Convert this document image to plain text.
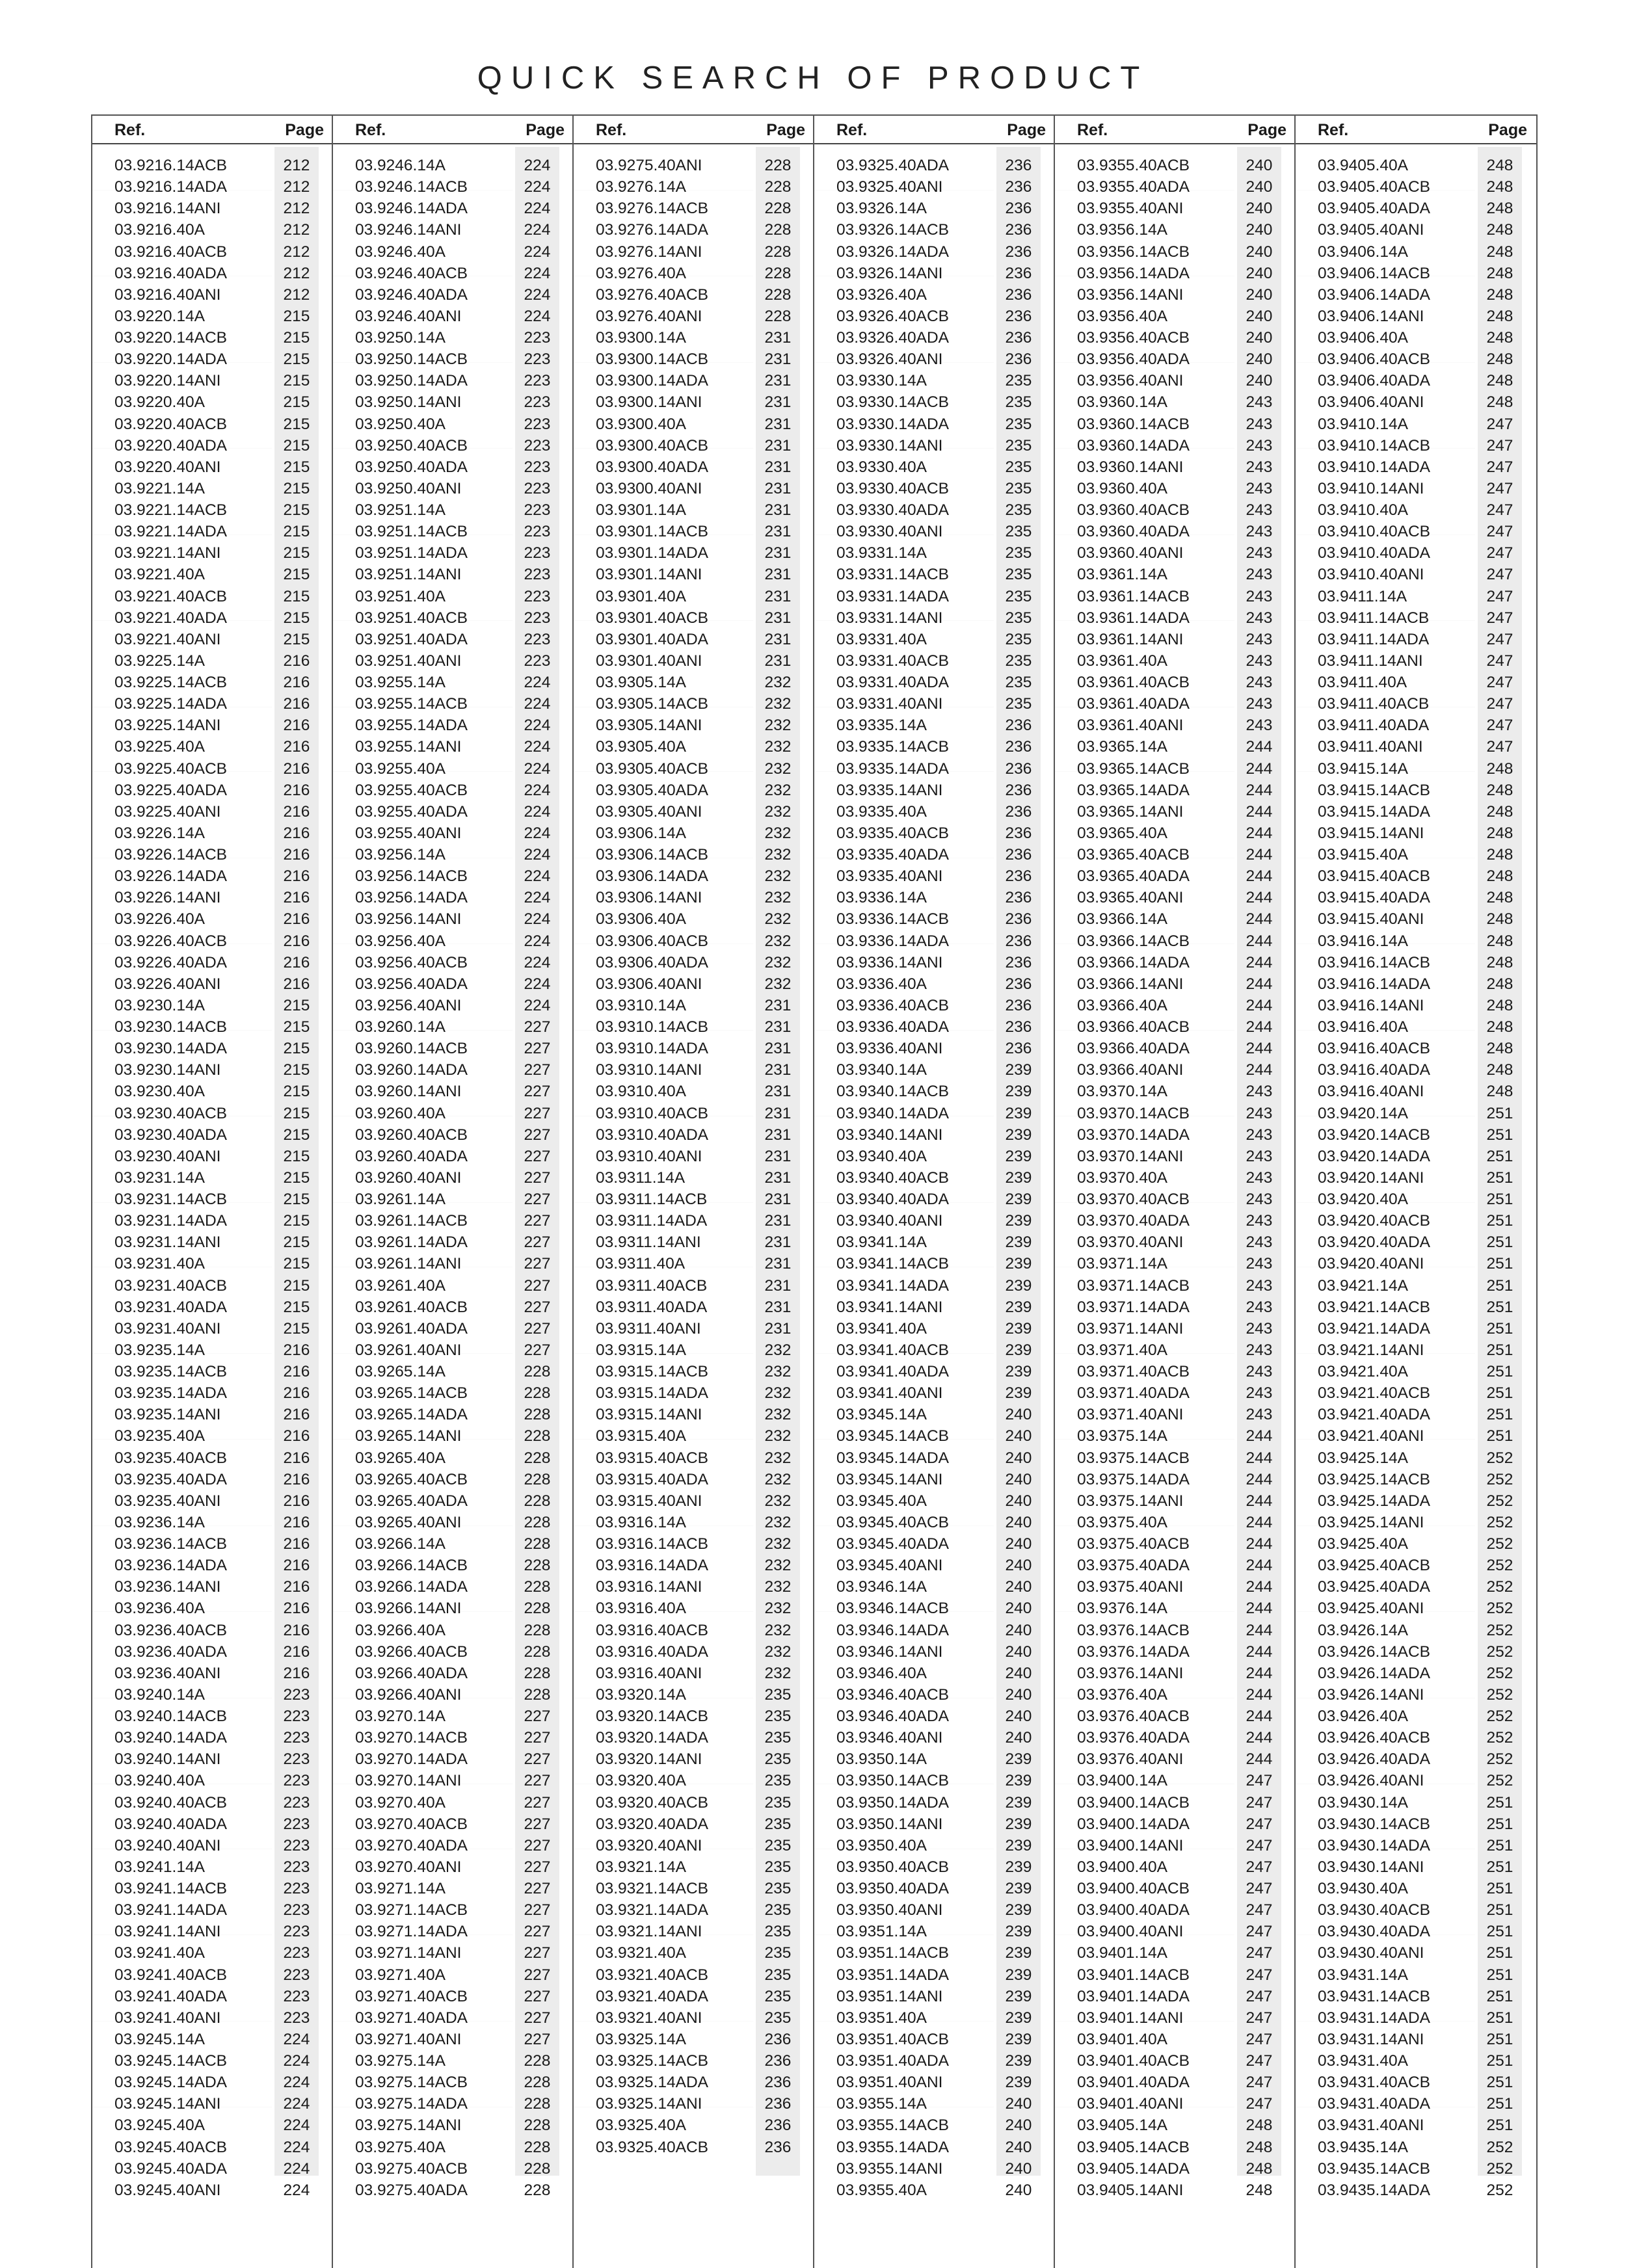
QUICK SEARCH OF PRODUCT
Ref.	Page
03.9216.14ACB	212
03.9216.14ADA	212
03.9216.14ANI	212
03.9216.40A	212
03.9216.40ACB	212
03.9216.40ADA	212
03.9216.40ANI	212
03.9220.14A	215
03.9220.14ACB	215
03.9220.14ADA	215
03.9220.14ANI	215
03.9220.40A	215
03.9220.40ACB	215
03.9220.40ADA	215
03.9220.40ANI	215
03.9221.14A	215
03.9221.14ACB	215
03.9221.14ADA	215
03.9221.14ANI	215
03.9221.40A	215
03.9221.40ACB	215
03.9221.40ADA	215
03.9221.40ANI	215
03.9225.14A	216
03.9225.14ACB	216
03.9225.14ADA	216
03.9225.14ANI	216
03.9225.40A	216
03.9225.40ACB	216
03.9225.40ADA	216
03.9225.40ANI	216
03.9226.14A	216
03.9226.14ACB	216
03.9226.14ADA	216
03.9226.14ANI	216
03.9226.40A	216
03.9226.40ACB	216
03.9226.40ADA	216
03.9226.40ANI	216
03.9230.14A	215
03.9230.14ACB	215
03.9230.14ADA	215
03.9230.14ANI	215
03.9230.40A	215
03.9230.40ACB	215
03.9230.40ADA	215
03.9230.40ANI	215
03.9231.14A	215
03.9231.14ACB	215
03.9231.14ADA	215
03.9231.14ANI	215
03.9231.40A	215
03.9231.40ACB	215
03.9231.40ADA	215
03.9231.40ANI	215
03.9235.14A	216
03.9235.14ACB	216
03.9235.14ADA	216
03.9235.14ANI	216
03.9235.40A	216
03.9235.40ACB	216
03.9235.40ADA	216
03.9235.40ANI	216
03.9236.14A	216
03.9236.14ACB	216
03.9236.14ADA	216
03.9236.14ANI	216
03.9236.40A	216
03.9236.40ACB	216
03.9236.40ADA	216
03.9236.40ANI	216
03.9240.14A	223
03.9240.14ACB	223
03.9240.14ADA	223
03.9240.14ANI	223
03.9240.40A	223
03.9240.40ACB	223
03.9240.40ADA	223
03.9240.40ANI	223
03.9241.14A	223
03.9241.14ACB	223
03.9241.14ADA	223
03.9241.14ANI	223
03.9241.40A	223
03.9241.40ACB	223
03.9241.40ADA	223
03.9241.40ANI	223
03.9245.14A	224
03.9245.14ACB	224
03.9245.14ADA	224
03.9245.14ANI	224
03.9245.40A	224
03.9245.40ACB	224
03.9245.40ADA	224
03.9245.40ANI	224
Ref.	Page
03.9246.14A	224
03.9246.14ACB	224
03.9246.14ADA	224
03.9246.14ANI	224
03.9246.40A	224
03.9246.40ACB	224
03.9246.40ADA	224
03.9246.40ANI	224
03.9250.14A	223
03.9250.14ACB	223
03.9250.14ADA	223
03.9250.14ANI	223
03.9250.40A	223
03.9250.40ACB	223
03.9250.40ADA	223
03.9250.40ANI	223
03.9251.14A	223
03.9251.14ACB	223
03.9251.14ADA	223
03.9251.14ANI	223
03.9251.40A	223
03.9251.40ACB	223
03.9251.40ADA	223
03.9251.40ANI	223
03.9255.14A	224
03.9255.14ACB	224
03.9255.14ADA	224
03.9255.14ANI	224
03.9255.40A	224
03.9255.40ACB	224
03.9255.40ADA	224
03.9255.40ANI	224
03.9256.14A	224
03.9256.14ACB	224
03.9256.14ADA	224
03.9256.14ANI	224
03.9256.40A	224
03.9256.40ACB	224
03.9256.40ADA	224
03.9256.40ANI	224
03.9260.14A	227
03.9260.14ACB	227
03.9260.14ADA	227
03.9260.14ANI	227
03.9260.40A	227
03.9260.40ACB	227
03.9260.40ADA	227
03.9260.40ANI	227
03.9261.14A	227
03.9261.14ACB	227
03.9261.14ADA	227
03.9261.14ANI	227
03.9261.40A	227
03.9261.40ACB	227
03.9261.40ADA	227
03.9261.40ANI	227
03.9265.14A	228
03.9265.14ACB	228
03.9265.14ADA	228
03.9265.14ANI	228
03.9265.40A	228
03.9265.40ACB	228
03.9265.40ADA	228
03.9265.40ANI	228
03.9266.14A	228
03.9266.14ACB	228
03.9266.14ADA	228
03.9266.14ANI	228
03.9266.40A	228
03.9266.40ACB	228
03.9266.40ADA	228
03.9266.40ANI	228
03.9270.14A	227
03.9270.14ACB	227
03.9270.14ADA	227
03.9270.14ANI	227
03.9270.40A	227
03.9270.40ACB	227
03.9270.40ADA	227
03.9270.40ANI	227
03.9271.14A	227
03.9271.14ACB	227
03.9271.14ADA	227
03.9271.14ANI	227
03.9271.40A	227
03.9271.40ACB	227
03.9271.40ADA	227
03.9271.40ANI	227
03.9275.14A	228
03.9275.14ACB	228
03.9275.14ADA	228
03.9275.14ANI	228
03.9275.40A	228
03.9275.40ACB	228
03.9275.40ADA	228
Ref.	Page
03.9275.40ANI	228
03.9276.14A	228
03.9276.14ACB	228
03.9276.14ADA	228
03.9276.14ANI	228
03.9276.40A	228
03.9276.40ACB	228
03.9276.40ANI	228
03.9300.14A	231
03.9300.14ACB	231
03.9300.14ADA	231
03.9300.14ANI	231
03.9300.40A	231
03.9300.40ACB	231
03.9300.40ADA	231
03.9300.40ANI	231
03.9301.14A	231
03.9301.14ACB	231
03.9301.14ADA	231
03.9301.14ANI	231
03.9301.40A	231
03.9301.40ACB	231
03.9301.40ADA	231
03.9301.40ANI	231
03.9305.14A	232
03.9305.14ACB	232
03.9305.14ANI	232
03.9305.40A	232
03.9305.40ACB	232
03.9305.40ADA	232
03.9305.40ANI	232
03.9306.14A	232
03.9306.14ACB	232
03.9306.14ADA	232
03.9306.14ANI	232
03.9306.40A	232
03.9306.40ACB	232
03.9306.40ADA	232
03.9306.40ANI	232
03.9310.14A	231
03.9310.14ACB	231
03.9310.14ADA	231
03.9310.14ANI	231
03.9310.40A	231
03.9310.40ACB	231
03.9310.40ADA	231
03.9310.40ANI	231
03.9311.14A	231
03.9311.14ACB	231
03.9311.14ADA	231
03.9311.14ANI	231
03.9311.40A	231
03.9311.40ACB	231
03.9311.40ADA	231
03.9311.40ANI	231
03.9315.14A	232
03.9315.14ACB	232
03.9315.14ADA	232
03.9315.14ANI	232
03.9315.40A	232
03.9315.40ACB	232
03.9315.40ADA	232
03.9315.40ANI	232
03.9316.14A	232
03.9316.14ACB	232
03.9316.14ADA	232
03.9316.14ANI	232
03.9316.40A	232
03.9316.40ACB	232
03.9316.40ADA	232
03.9316.40ANI	232
03.9320.14A	235
03.9320.14ACB	235
03.9320.14ADA	235
03.9320.14ANI	235
03.9320.40A	235
03.9320.40ACB	235
03.9320.40ADA	235
03.9320.40ANI	235
03.9321.14A	235
03.9321.14ACB	235
03.9321.14ADA	235
03.9321.14ANI	235
03.9321.40A	235
03.9321.40ACB	235
03.9321.40ADA	235
03.9321.40ANI	235
03.9325.14A	236
03.9325.14ACB	236
03.9325.14ADA	236
03.9325.14ANI	236
03.9325.40A	236
03.9325.40ACB	236
Ref.	Page
03.9325.40ADA	236
03.9325.40ANI	236
03.9326.14A	236
03.9326.14ACB	236
03.9326.14ADA	236
03.9326.14ANI	236
03.9326.40A	236
03.9326.40ACB	236
03.9326.40ADA	236
03.9326.40ANI	236
03.9330.14A	235
03.9330.14ACB	235
03.9330.14ADA	235
03.9330.14ANI	235
03.9330.40A	235
03.9330.40ACB	235
03.9330.40ADA	235
03.9330.40ANI	235
03.9331.14A	235
03.9331.14ACB	235
03.9331.14ADA	235
03.9331.14ANI	235
03.9331.40A	235
03.9331.40ACB	235
03.9331.40ADA	235
03.9331.40ANI	235
03.9335.14A	236
03.9335.14ACB	236
03.9335.14ADA	236
03.9335.14ANI	236
03.9335.40A	236
03.9335.40ACB	236
03.9335.40ADA	236
03.9335.40ANI	236
03.9336.14A	236
03.9336.14ACB	236
03.9336.14ADA	236
03.9336.14ANI	236
03.9336.40A	236
03.9336.40ACB	236
03.9336.40ADA	236
03.9336.40ANI	236
03.9340.14A	239
03.9340.14ACB	239
03.9340.14ADA	239
03.9340.14ANI	239
03.9340.40A	239
03.9340.40ACB	239
03.9340.40ADA	239
03.9340.40ANI	239
03.9341.14A	239
03.9341.14ACB	239
03.9341.14ADA	239
03.9341.14ANI	239
03.9341.40A	239
03.9341.40ACB	239
03.9341.40ADA	239
03.9341.40ANI	239
03.9345.14A	240
03.9345.14ACB	240
03.9345.14ADA	240
03.9345.14ANI	240
03.9345.40A	240
03.9345.40ACB	240
03.9345.40ADA	240
03.9345.40ANI	240
03.9346.14A	240
03.9346.14ACB	240
03.9346.14ADA	240
03.9346.14ANI	240
03.9346.40A	240
03.9346.40ACB	240
03.9346.40ADA	240
03.9346.40ANI	240
03.9350.14A	239
03.9350.14ACB	239
03.9350.14ADA	239
03.9350.14ANI	239
03.9350.40A	239
03.9350.40ACB	239
03.9350.40ADA	239
03.9350.40ANI	239
03.9351.14A	239
03.9351.14ACB	239
03.9351.14ADA	239
03.9351.14ANI	239
03.9351.40A	239
03.9351.40ACB	239
03.9351.40ADA	239
03.9351.40ANI	239
03.9355.14A	240
03.9355.14ACB	240
03.9355.14ADA	240
03.9355.14ANI	240
03.9355.40A	240
Ref.	Page
03.9355.40ACB	240
03.9355.40ADA	240
03.9355.40ANI	240
03.9356.14A	240
03.9356.14ACB	240
03.9356.14ADA	240
03.9356.14ANI	240
03.9356.40A	240
03.9356.40ACB	240
03.9356.40ADA	240
03.9356.40ANI	240
03.9360.14A	243
03.9360.14ACB	243
03.9360.14ADA	243
03.9360.14ANI	243
03.9360.40A	243
03.9360.40ACB	243
03.9360.40ADA	243
03.9360.40ANI	243
03.9361.14A	243
03.9361.14ACB	243
03.9361.14ADA	243
03.9361.14ANI	243
03.9361.40A	243
03.9361.40ACB	243
03.9361.40ADA	243
03.9361.40ANI	243
03.9365.14A	244
03.9365.14ACB	244
03.9365.14ADA	244
03.9365.14ANI	244
03.9365.40A	244
03.9365.40ACB	244
03.9365.40ADA	244
03.9365.40ANI	244
03.9366.14A	244
03.9366.14ACB	244
03.9366.14ADA	244
03.9366.14ANI	244
03.9366.40A	244
03.9366.40ACB	244
03.9366.40ADA	244
03.9366.40ANI	244
03.9370.14A	243
03.9370.14ACB	243
03.9370.14ADA	243
03.9370.14ANI	243
03.9370.40A	243
03.9370.40ACB	243
03.9370.40ADA	243
03.9370.40ANI	243
03.9371.14A	243
03.9371.14ACB	243
03.9371.14ADA	243
03.9371.14ANI	243
03.9371.40A	243
03.9371.40ACB	243
03.9371.40ADA	243
03.9371.40ANI	243
03.9375.14A	244
03.9375.14ACB	244
03.9375.14ADA	244
03.9375.14ANI	244
03.9375.40A	244
03.9375.40ACB	244
03.9375.40ADA	244
03.9375.40ANI	244
03.9376.14A	244
03.9376.14ACB	244
03.9376.14ADA	244
03.9376.14ANI	244
03.9376.40A	244
03.9376.40ACB	244
03.9376.40ADA	244
03.9376.40ANI	244
03.9400.14A	247
03.9400.14ACB	247
03.9400.14ADA	247
03.9400.14ANI	247
03.9400.40A	247
03.9400.40ACB	247
03.9400.40ADA	247
03.9400.40ANI	247
03.9401.14A	247
03.9401.14ACB	247
03.9401.14ADA	247
03.9401.14ANI	247
03.9401.40A	247
03.9401.40ACB	247
03.9401.40ADA	247
03.9401.40ANI	247
03.9405.14A	248
03.9405.14ACB	248
03.9405.14ADA	248
03.9405.14ANI	248
Ref.	Page
03.9405.40A	248
03.9405.40ACB	248
03.9405.40ADA	248
03.9405.40ANI	248
03.9406.14A	248
03.9406.14ACB	248
03.9406.14ADA	248
03.9406.14ANI	248
03.9406.40A	248
03.9406.40ACB	248
03.9406.40ADA	248
03.9406.40ANI	248
03.9410.14A	247
03.9410.14ACB	247
03.9410.14ADA	247
03.9410.14ANI	247
03.9410.40A	247
03.9410.40ACB	247
03.9410.40ADA	247
03.9410.40ANI	247
03.9411.14A	247
03.9411.14ACB	247
03.9411.14ADA	247
03.9411.14ANI	247
03.9411.40A	247
03.9411.40ACB	247
03.9411.40ADA	247
03.9411.40ANI	247
03.9415.14A	248
03.9415.14ACB	248
03.9415.14ADA	248
03.9415.14ANI	248
03.9415.40A	248
03.9415.40ACB	248
03.9415.40ADA	248
03.9415.40ANI	248
03.9416.14A	248
03.9416.14ACB	248
03.9416.14ADA	248
03.9416.14ANI	248
03.9416.40A	248
03.9416.40ACB	248
03.9416.40ADA	248
03.9416.40ANI	248
03.9420.14A	251
03.9420.14ACB	251
03.9420.14ADA	251
03.9420.14ANI	251
03.9420.40A	251
03.9420.40ACB	251
03.9420.40ADA	251
03.9420.40ANI	251
03.9421.14A	251
03.9421.14ACB	251
03.9421.14ADA	251
03.9421.14ANI	251
03.9421.40A	251
03.9421.40ACB	251
03.9421.40ADA	251
03.9421.40ANI	251
03.9425.14A	252
03.9425.14ACB	252
03.9425.14ADA	252
03.9425.14ANI	252
03.9425.40A	252
03.9425.40ACB	252
03.9425.40ADA	252
03.9425.40ANI	252
03.9426.14A	252
03.9426.14ACB	252
03.9426.14ADA	252
03.9426.14ANI	252
03.9426.40A	252
03.9426.40ACB	252
03.9426.40ADA	252
03.9426.40ANI	252
03.9430.14A	251
03.9430.14ACB	251
03.9430.14ADA	251
03.9430.14ANI	251
03.9430.40A	251
03.9430.40ACB	251
03.9430.40ADA	251
03.9430.40ANI	251
03.9431.14A	251
03.9431.14ACB	251
03.9431.14ADA	251
03.9431.14ANI	251
03.9431.40A	251
03.9431.40ACB	251
03.9431.40ADA	251
03.9431.40ANI	251
03.9435.14A	252
03.9435.14ACB	252
03.9435.14ADA	252
